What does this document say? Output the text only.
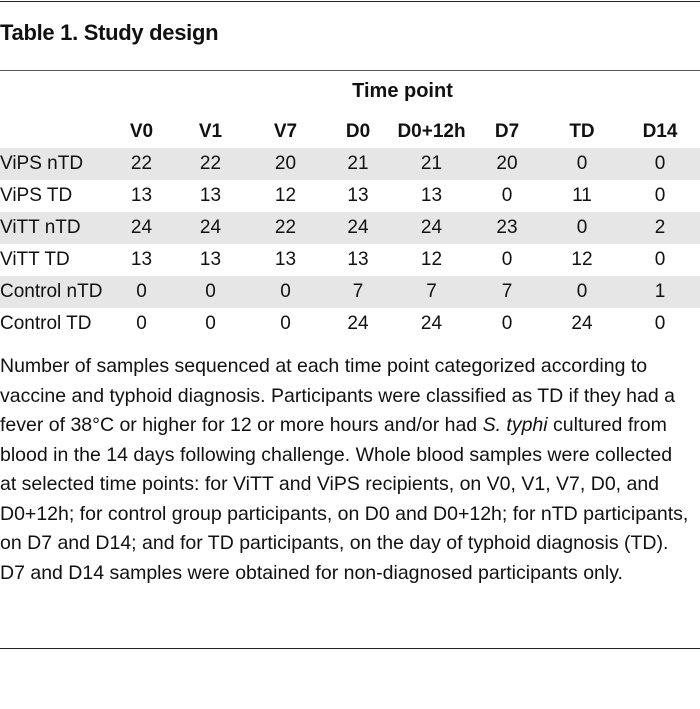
Table 1. Study design
Time point
	V0	V1	V7	D0	D0+12h	D7	TD	D14
ViPS nTD	22	22	20	21	21	20	0	0
ViPS TD	13	13	12	13	13	0	11	0
ViTT nTD	24	24	22	24	24	23	0	2
ViTT TD	13	13	13	13	12	0	12	0
Control nTD	0	0	0	7	7	7	0	1
Control TD	0	0	0	24	24	0	24	0
Number of samples sequenced at each time point categorized according to vaccine and typhoid diagnosis. Participants were classified as TD if they had a fever of 38°C or higher for 12 or more hours and/or had S. typhi cultured from blood in the 14 days following challenge. Whole blood samples were collected at selected time points: for ViTT and ViPS recipients, on V0, V1, V7, D0, and D0+12h; for control group participants, on D0 and D0+12h; for nTD participants, on D7 and D14; and for TD participants, on the day of typhoid diagnosis (TD). D7 and D14 samples were obtained for non-diagnosed participants only.
